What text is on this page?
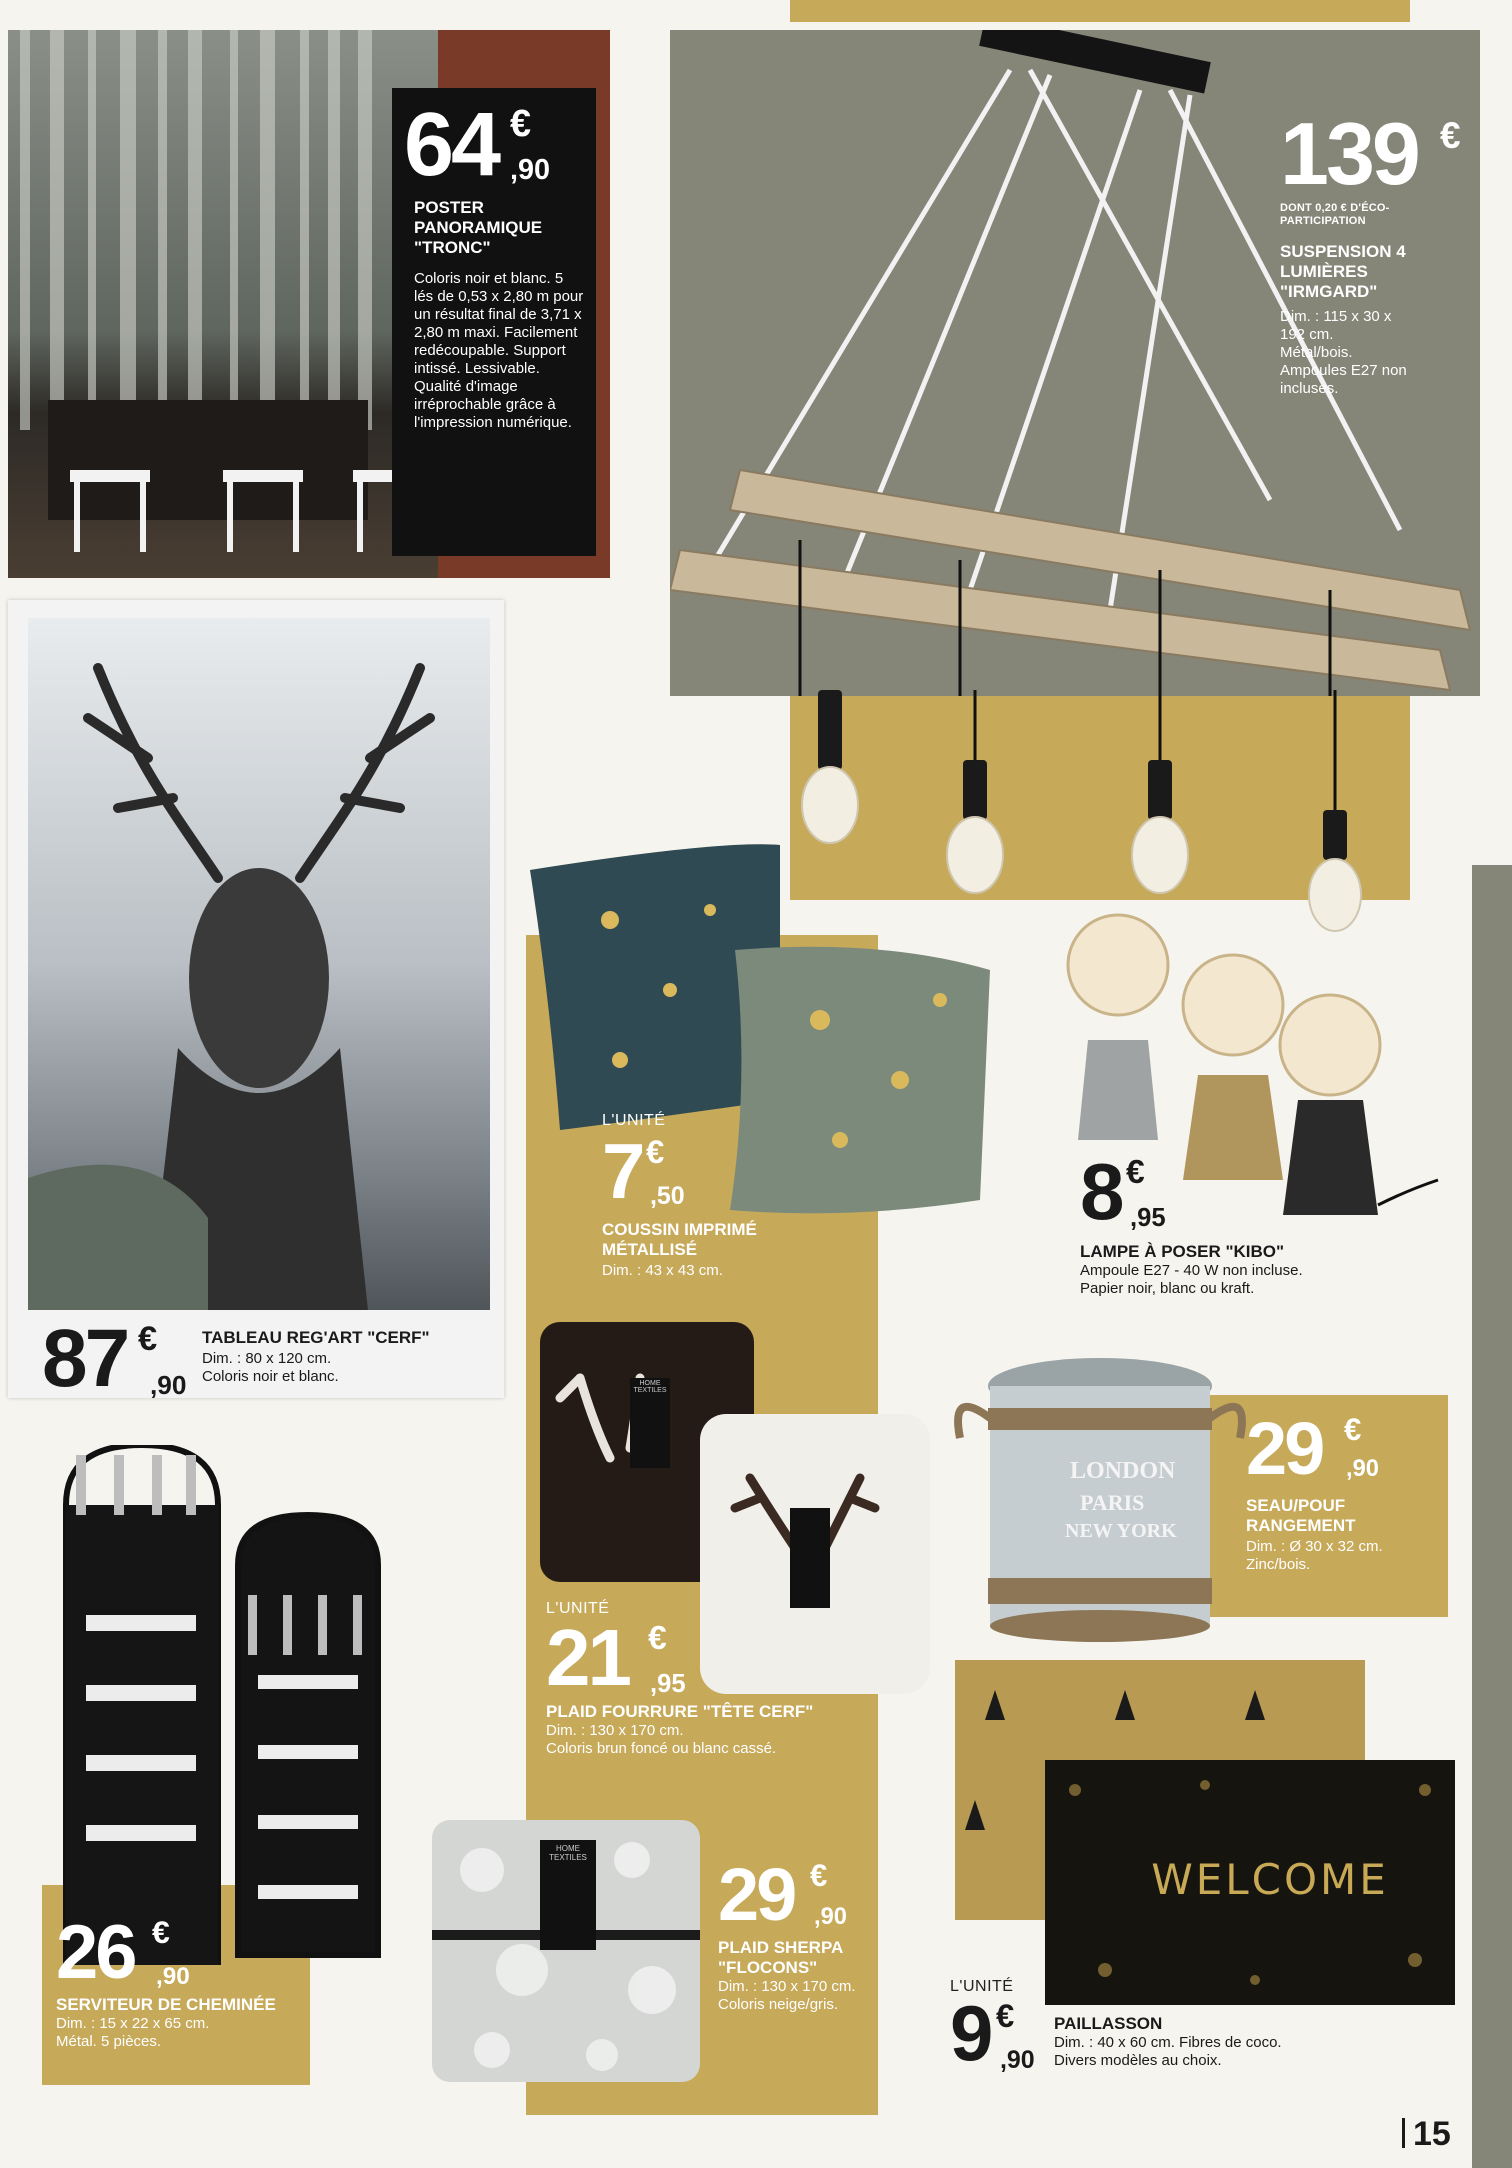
64 €
,90
POSTER PANORAMIQUE "TRONC"
Coloris noir et blanc. 5 lés de 0,53 x 2,80 m pour un résultat final de 3,71 x 2,80 m maxi. Facilement redécoupable. Support intissé. Lessivable. Qualité d'image irréprochable grâce à l'impression numérique.
139 €
DONT 0,20 € D'ÉCO-PARTICIPATION
SUSPENSION 4 LUMIÈRES "IRMGARD"
Dim. : 115 x 30 x 192 cm. Métal/bois. Ampoules E27 non incluses.
87 €
,90
TABLEAU REG'ART "CERF"
Dim. : 80 x 120 cm.
Coloris noir et blanc.
L'UNITÉ
7 €
,50
COUSSIN IMPRIMÉ MÉTALLISÉ
Dim. : 43 x 43 cm.
8 €
,95
LAMPE À POSER "KIBO"
Ampoule E27 - 40 W non incluse.
Papier noir, blanc ou kraft.
LONDON
PARIS
NEW YORK
29 €
,90
SEAU/POUF RANGEMENT
Dim. : Ø 30 x 32 cm. Zinc/bois.
HOME TEXTILES
L'UNITÉ
21 €
,95
PLAID FOURRURE "TÊTE CERF"
Dim. : 130 x 170 cm.
Coloris brun foncé ou blanc cassé.
26 €
,90
SERVITEUR DE CHEMINÉE
Dim. : 15 x 22 x 65 cm.
Métal. 5 pièces.
HOME TEXTILES 29 €
,90
PLAID SHERPA "FLOCONS"
Dim. : 130 x 170 cm.
Coloris neige/gris.
WELCOME
L'UNITÉ
9 €
,90
PAILLASSON
Dim. : 40 x 60 cm. Fibres de coco.
Divers modèles au choix.
15
